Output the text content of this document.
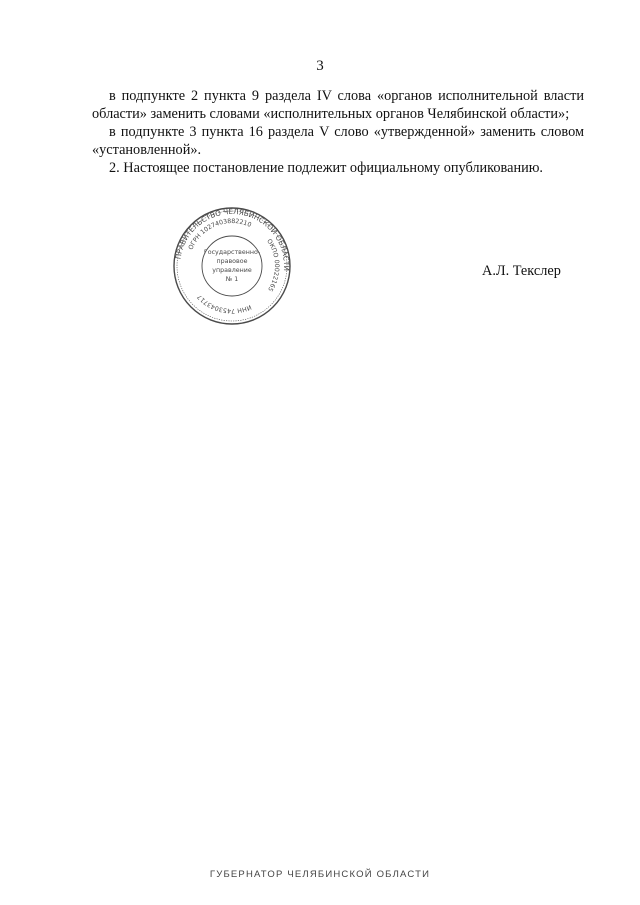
3

в подпункте 2 пункта 9 раздела IV слова «органов исполнительной власти области» заменить словами «исполнительных органов Челябинской области»;

в подпункте 3 пункта 16 раздела V слово «утвержденной» заменить словом «установленной».

2. Настоящее постановление подлежит официальному опубликованию.

ПРАВИТЕЛЬСТВО ЧЕЛЯБИНСКОЙ ОБЛАСТИ
ОГРН 1027403882210
ОКПО 00022165
ИНН 7453043717
Государственно-
правовое
управление
№ 1
А.Л. Текслер
ГУБЕРНАТОР ЧЕЛЯБИНСКОЙ ОБЛАСТИ
